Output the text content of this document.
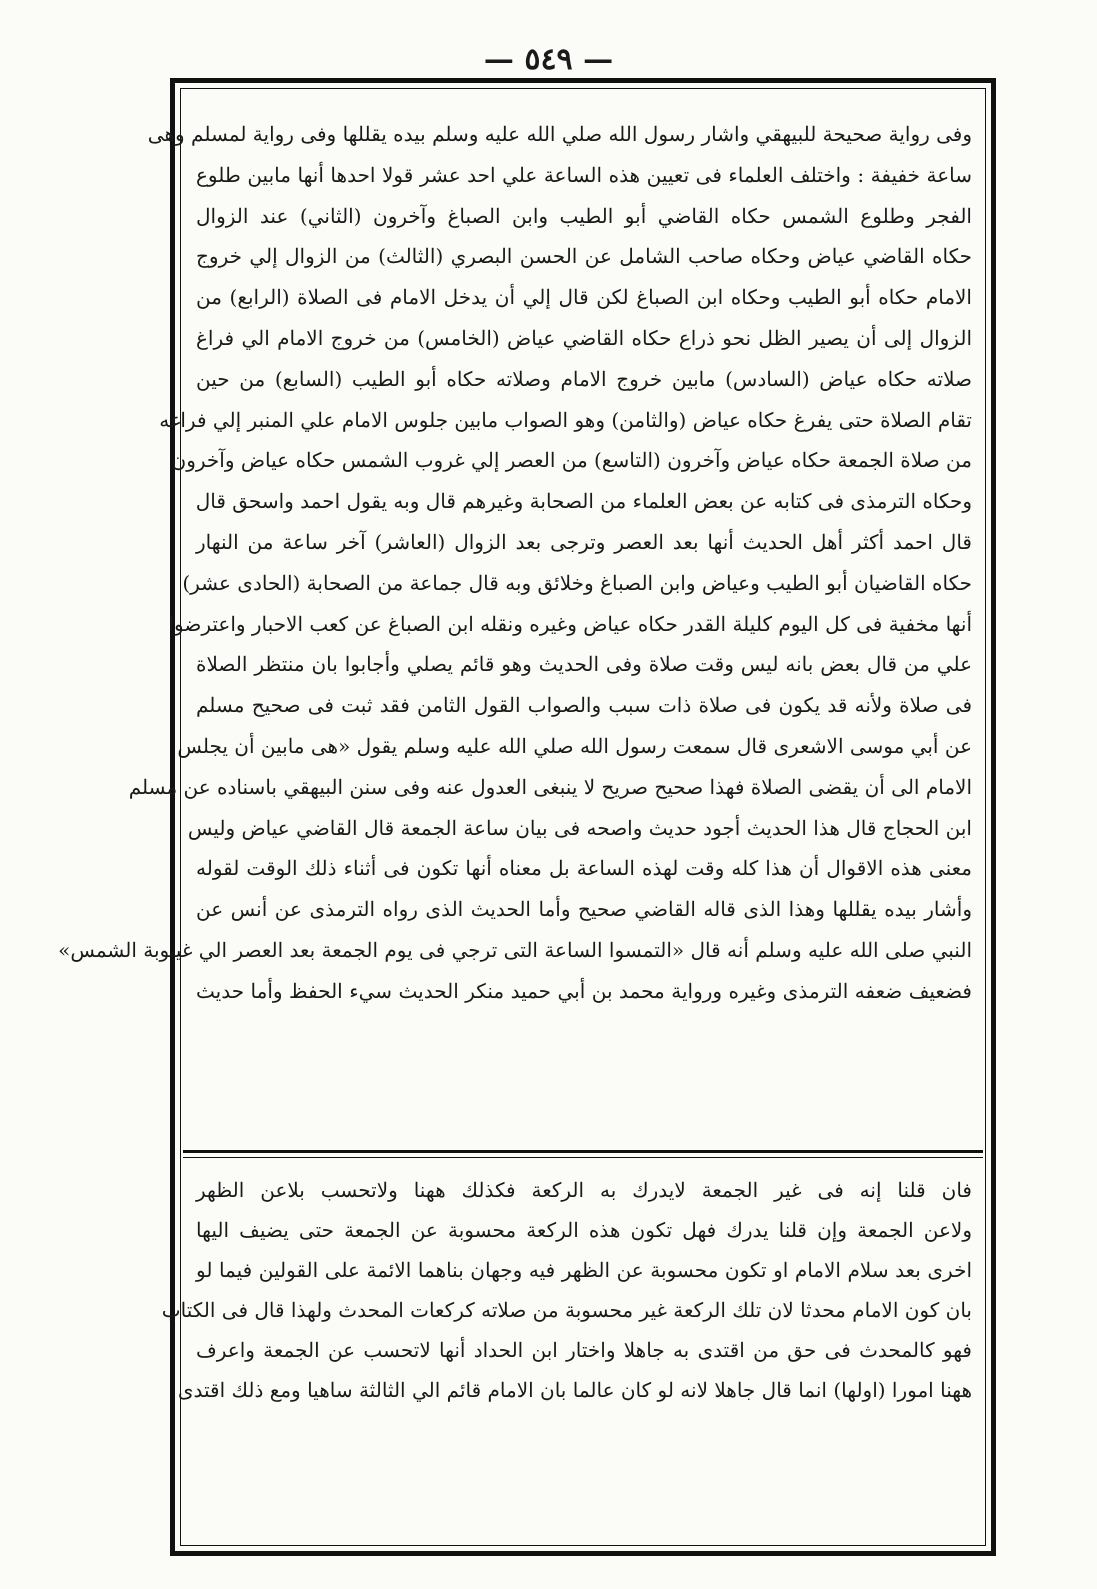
— ٥٤٩ —
وفى رواية صحيحة للبيهقي واشار رسول الله صلي الله عليه وسلم بيده يقللها وفى رواية لمسلم وهى
ساعة خفيفة : واختلف العلماء فى تعيين هذه الساعة علي احد عشر قولا احدها أنها مابين طلوع
الفجر وطلوع الشمس حكاه القاضي أبو الطيب وابن الصباغ وآخرون (الثاني) عند الزوال
حكاه القاضي عياض وحكاه صاحب الشامل عن الحسن البصري (الثالث) من الزوال إلي خروج
الامام حكاه أبو الطيب وحكاه ابن الصباغ لكن قال إلي أن يدخل الامام فى الصلاة (الرابع) من
الزوال إلى أن يصير الظل نحو ذراع حكاه القاضي عياض (الخامس) من خروج الامام الي فراغ
صلاته حكاه عياض (السادس) مابين خروج الامام وصلاته حكاه أبو الطيب (السابع) من حين
تقام الصلاة حتى يفرغ حكاه عياض (والثامن) وهو الصواب مابين جلوس الامام علي المنبر إلي فراغه
من صلاة الجمعة حكاه عياض وآخرون (التاسع) من العصر إلي غروب الشمس حكاه عياض وآخرون
وحكاه الترمذى فى كتابه عن بعض العلماء من الصحابة وغيرهم قال وبه يقول احمد واسحق قال
قال احمد أكثر أهل الحديث أنها بعد العصر وترجى بعد الزوال (العاشر) آخر ساعة من النهار
حكاه القاضيان أبو الطيب وعياض وابن الصباغ وخلائق وبه قال جماعة من الصحابة (الحادى عشر)
أنها مخفية فى كل اليوم كليلة القدر حكاه عياض وغيره ونقله ابن الصباغ عن كعب الاحبار واعترضوا
علي من قال بعض بانه ليس وقت صلاة وفى الحديث وهو قائم يصلي وأجابوا بان منتظر الصلاة
فى صلاة ولأنه قد يكون فى صلاة ذات سبب والصواب القول الثامن فقد ثبت فى صحيح مسلم
عن أبي موسى الاشعرى قال سمعت رسول الله صلي الله عليه وسلم يقول «هى مابين أن يجلس
الامام الى أن يقضى الصلاة فهذا صحيح صريح لا ينبغى العدول عنه وفى سنن البيهقي باسناده عن مسلم
ابن الحجاج قال هذا الحديث أجود حديث واصحه فى بيان ساعة الجمعة قال القاضي عياض وليس
معنى هذه الاقوال أن هذا كله وقت لهذه الساعة بل معناه أنها تكون فى أثناء ذلك الوقت لقوله
وأشار بيده يقللها وهذا الذى قاله القاضي صحيح وأما الحديث الذى رواه الترمذى عن أنس عن
النبي صلى الله عليه وسلم أنه قال «التمسوا الساعة التى ترجي فى يوم الجمعة بعد العصر الي غيبوبة الشمس»
فضعيف ضعفه الترمذى وغيره ورواية محمد بن أبي حميد منكر الحديث سيء الحفظ وأما حديث
فان قلنا إنه فى غير الجمعة لايدرك به الركعة فكذلك ههنا ولاتحسب بلاعن الظهر
ولاعن الجمعة وإن قلنا يدرك فهل تكون هذه الركعة محسوبة عن الجمعة حتى يضيف اليها
اخرى بعد سلام الامام او تكون محسوبة عن الظهر فيه وجهان بناهما الائمة على القولين فيما لو
بان كون الامام محدثا لان تلك الركعة غير محسوبة من صلاته كركعات المحدث ولهذا قال فى الكتاب
فهو كالمحدث فى حق من اقتدى به جاهلا واختار ابن الحداد أنها لاتحسب عن الجمعة واعرف
ههنا امورا (اولها) انما قال جاهلا لانه لو كان عالما بان الامام قائم الي الثالثة ساهيا ومع ذلك اقتدى
